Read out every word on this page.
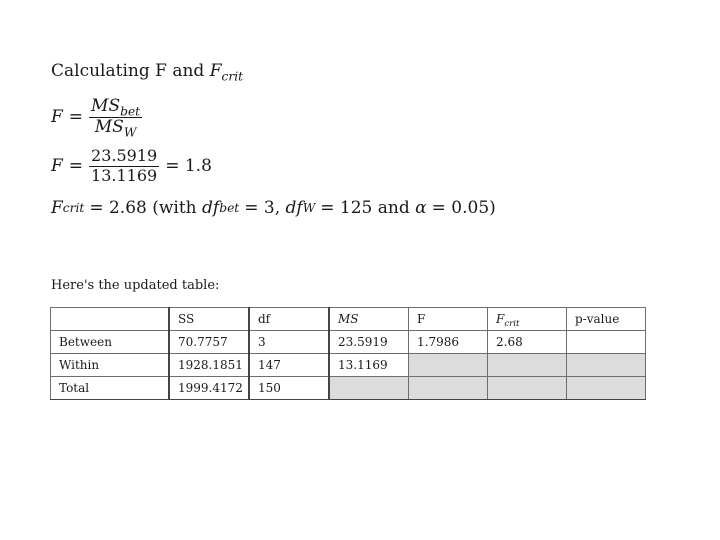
Calculating F and $F_{crit}$
$F = \frac{MS_{bet}}{MS_W}$
$F = \frac{23.5919}{13.1169} = 1.8$
F crit = 2.68 (with df bet = 3, df W = 125 and α = 0.05)
Here's the updated table:
	SS	df	MS	F	$F_{crit}$	p-value
Between	70.7757	3	23.5919	1.7986	2.68	
Within	1928.1851	147	13.1169			
Total	1999.4172	150				
